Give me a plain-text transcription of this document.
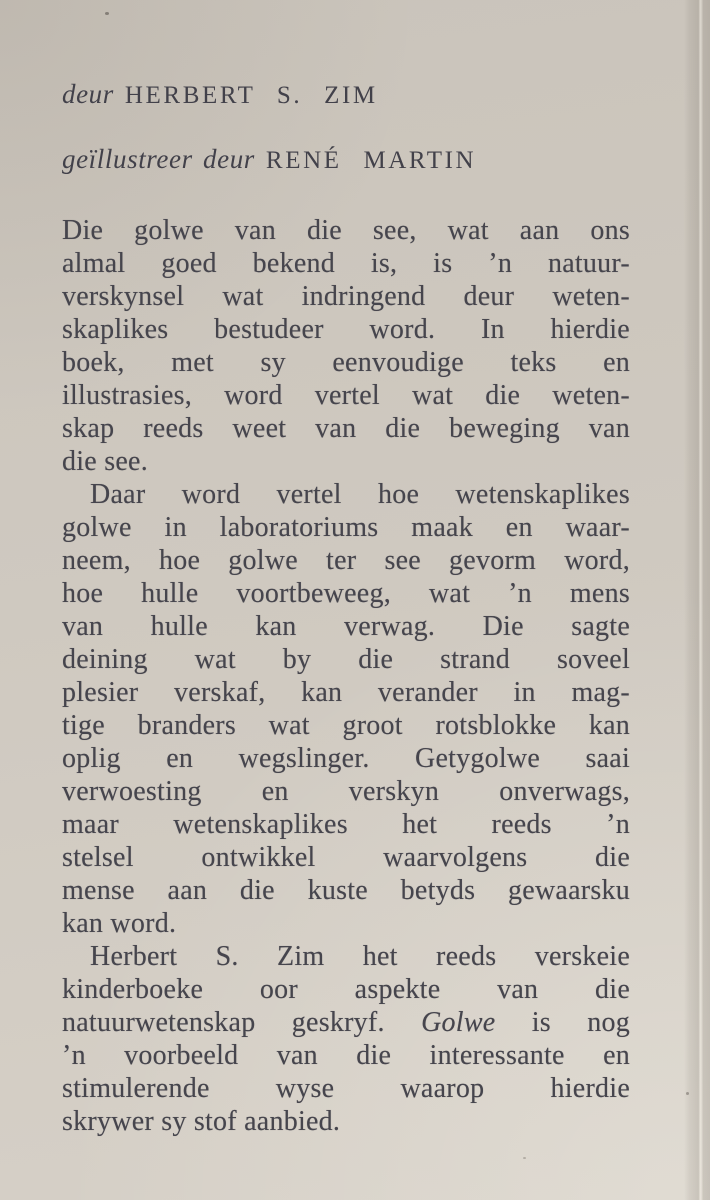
deur HERBERT S. ZIM
geïllustreer deur RENÉ MARTIN
Die golwe van die see, wat aan ons
almal goed bekend is, is ’n natuur-
verskynsel wat indringend deur weten-
skaplikes bestudeer word. In hierdie
boek, met sy eenvoudige teks en
illustrasies, word vertel wat die weten-
skap reeds weet van die beweging van
die see.
Daar word vertel hoe wetenskaplikes
golwe in laboratoriums maak en waar-
neem, hoe golwe ter see gevorm word,
hoe hulle voortbeweeg, wat ’n mens
van hulle kan verwag. Die sagte
deining wat by die strand soveel
plesier verskaf, kan verander in mag-
tige branders wat groot rotsblokke kan
oplig en wegslinger. Getygolwe saai
verwoesting en verskyn onverwags,
maar wetenskaplikes het reeds ’n
stelsel ontwikkel waarvolgens die
mense aan die kuste betyds gewaarsku
kan word.
Herbert S. Zim het reeds verskeie
kinderboeke oor aspekte van die
natuurwetenskap geskryf. Golwe is nog
’n voorbeeld van die interessante en
stimulerende wyse waarop hierdie
skrywer sy stof aanbied.
